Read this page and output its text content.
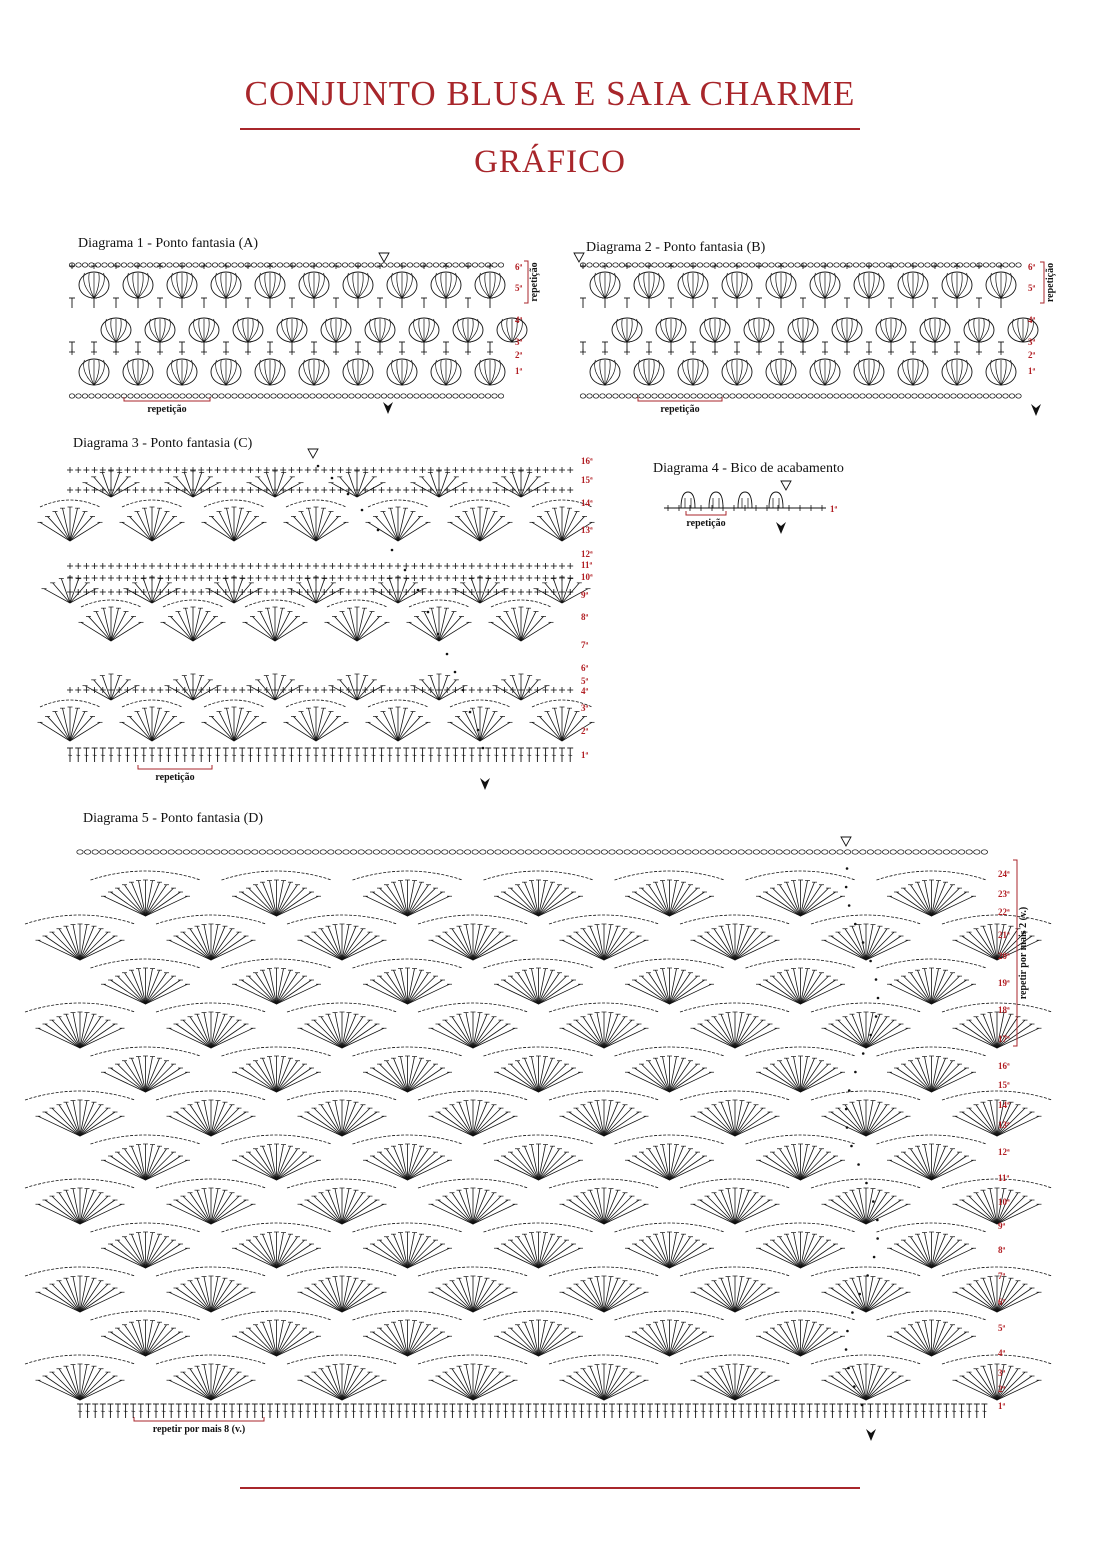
CONJUNTO BLUSA E SAIA CHARME
GRÁFICO
Diagrama 1 - Ponto fantasia (A)	Diagrama 2 - Ponto fantasia (B)
Diagrama 3 - Ponto fantasia (C)
Diagrama 4 - Bico de acabamento
Diagrama 5 - Ponto fantasia (D)
1ª
2ª
3ª
4ª
5ª
6ª
repetição
repetição
1ª
2ª
3ª
4ª
5ª
6ª
repetição
repetição
1ª
2ª
3ª
4ª
5ª
6ª
7ª
8ª
9ª
10ª
11ª
12ª
13ª
14ª
15ª
16ª
repetição
1ª
repetição
1ª
2ª
3ª
4ª
5ª
6ª
7ª
8ª
9ª
10ª
11ª
12ª
13ª
14ª
15ª
16ª
17ª
18ª
19ª
20ª
21ª
22ª
23ª
24ª
repetir por mais 8 (v.)
repetir por mais 2 (v.)
